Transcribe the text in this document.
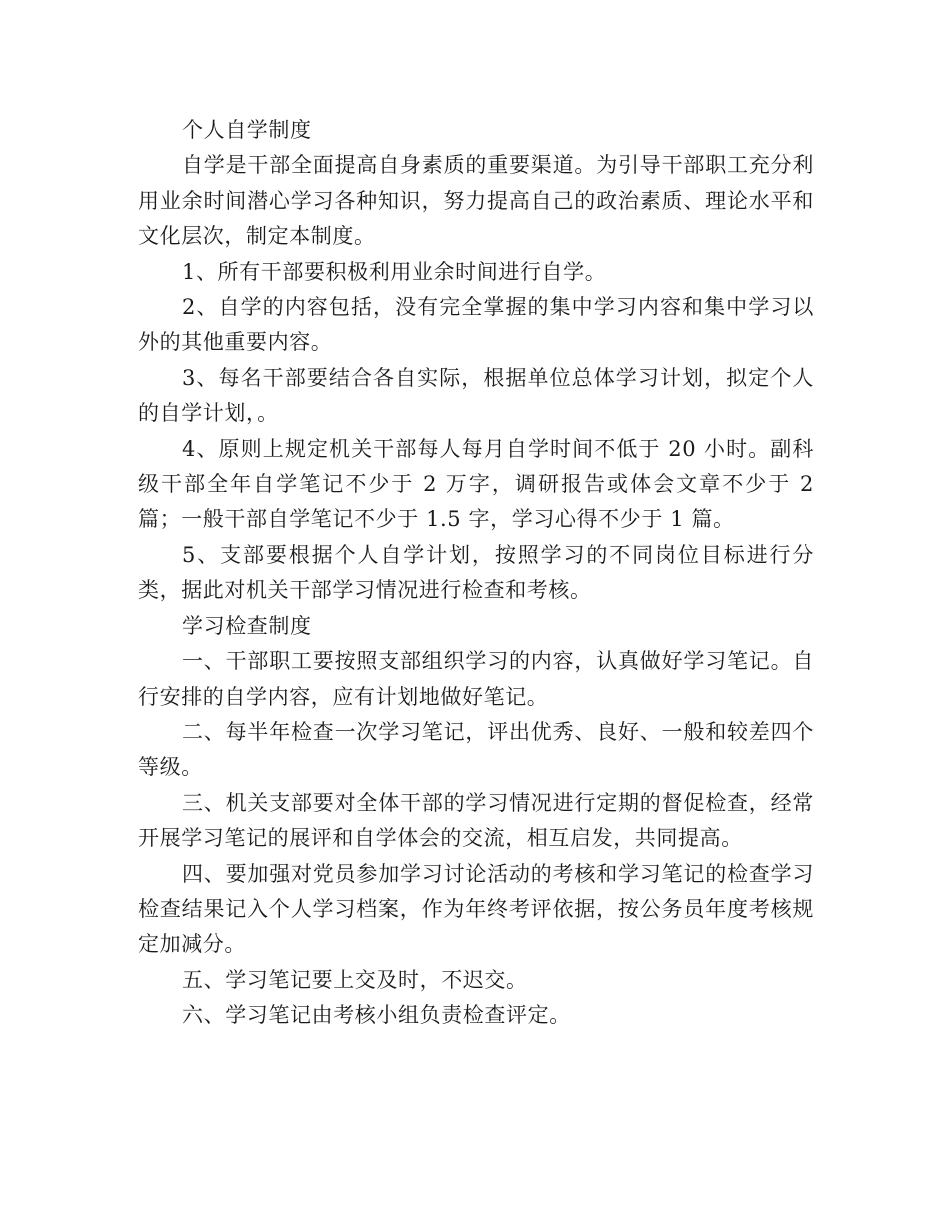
个人自学制度

自学是干部全面提高自身素质的重要渠道。为引导干部职工充分利用业余时间潜心学习各种知识，努力提高自己的政治素质、理论水平和文化层次，制定本制度。

1、所有干部要积极利用业余时间进行自学。

2、自学的内容包括，没有完全掌握的集中学习内容和集中学习以外的其他重要内容。

3、每名干部要结合各自实际，根据单位总体学习计划，拟定个人的自学计划，。

4、原则上规定机关干部每人每月自学时间不低于 20 小时。副科级干部全年自学笔记不少于 2 万字，调研报告或体会文章不少于 2 篇；一般干部自学笔记不少于 1.5 字，学习心得不少于 1 篇。

5、支部要根据个人自学计划，按照学习的不同岗位目标进行分类，据此对机关干部学习情况进行检查和考核。

学习检查制度

一、干部职工要按照支部组织学习的内容，认真做好学习笔记。自行安排的自学内容，应有计划地做好笔记。

二、每半年检查一次学习笔记，评出优秀、良好、一般和较差四个等级。

三、机关支部要对全体干部的学习情况进行定期的督促检查，经常开展学习笔记的展评和自学体会的交流，相互启发，共同提高。

四、要加强对党员参加学习讨论活动的考核和学习笔记的检查学习检查结果记入个人学习档案，作为年终考评依据，按公务员年度考核规定加减分。

五、学习笔记要上交及时，不迟交。

六、学习笔记由考核小组负责检查评定。
